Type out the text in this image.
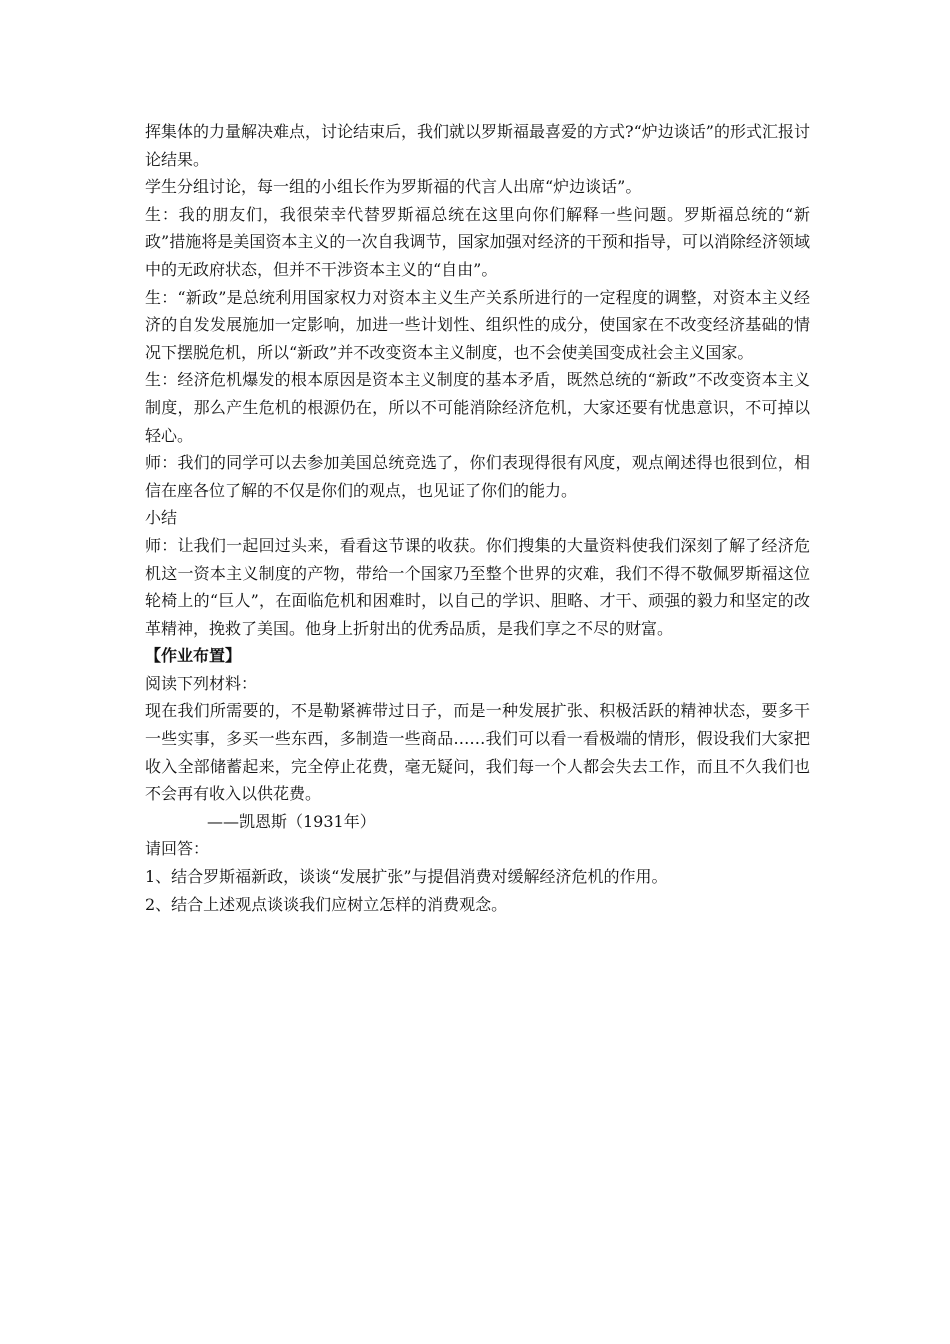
挥集体的力量解决难点，讨论结束后，我们就以罗斯福最喜爱的方式?“炉边谈话”的形式汇报讨论结果。

学生分组讨论，每一组的小组长作为罗斯福的代言人出席“炉边谈话”。

生：我的朋友们，我很荣幸代替罗斯福总统在这里向你们解释一些问题。罗斯福总统的“新政”措施将是美国资本主义的一次自我调节，国家加强对经济的干预和指导，可以消除经济领域中的无政府状态，但并不干涉资本主义的“自由”。

生：“新政”是总统利用国家权力对资本主义生产关系所进行的一定程度的调整，对资本主义经济的自发发展施加一定影响，加进一些计划性、组织性的成分，使国家在不改变经济基础的情况下摆脱危机，所以“新政”并不改变资本主义制度，也不会使美国变成社会主义国家。

生：经济危机爆发的根本原因是资本主义制度的基本矛盾，既然总统的“新政”不改变资本主义制度，那么产生危机的根源仍在，所以不可能消除经济危机，大家还要有忧患意识，不可掉以轻心。

师：我们的同学可以去参加美国总统竞选了，你们表现得很有风度，观点阐述得也很到位，相信在座各位了解的不仅是你们的观点，也见证了你们的能力。

小结

师：让我们一起回过头来，看看这节课的收获。你们搜集的大量资料使我们深刻了解了经济危机这一资本主义制度的产物，带给一个国家乃至整个世界的灾难，我们不得不敬佩罗斯福这位轮椅上的“巨人”，在面临危机和困难时，以自己的学识、胆略、才干、顽强的毅力和坚定的改革精神，挽救了美国。他身上折射出的优秀品质，是我们享之不尽的财富。

【作业布置】

阅读下列材料：

现在我们所需要的，不是勒紧裤带过日子，而是一种发展扩张、积极活跃的精神状态，要多干一些实事，多买一些东西，多制造一些商品……我们可以看一看极端的情形，假设我们大家把收入全部储蓄起来，完全停止花费，毫无疑问，我们每一个人都会失去工作，而且不久我们也不会再有收入以供花费。

——凯恩斯（1931年）

请回答：

1、结合罗斯福新政，谈谈“发展扩张”与提倡消费对缓解经济危机的作用。

2、结合上述观点谈谈我们应树立怎样的消费观念。
